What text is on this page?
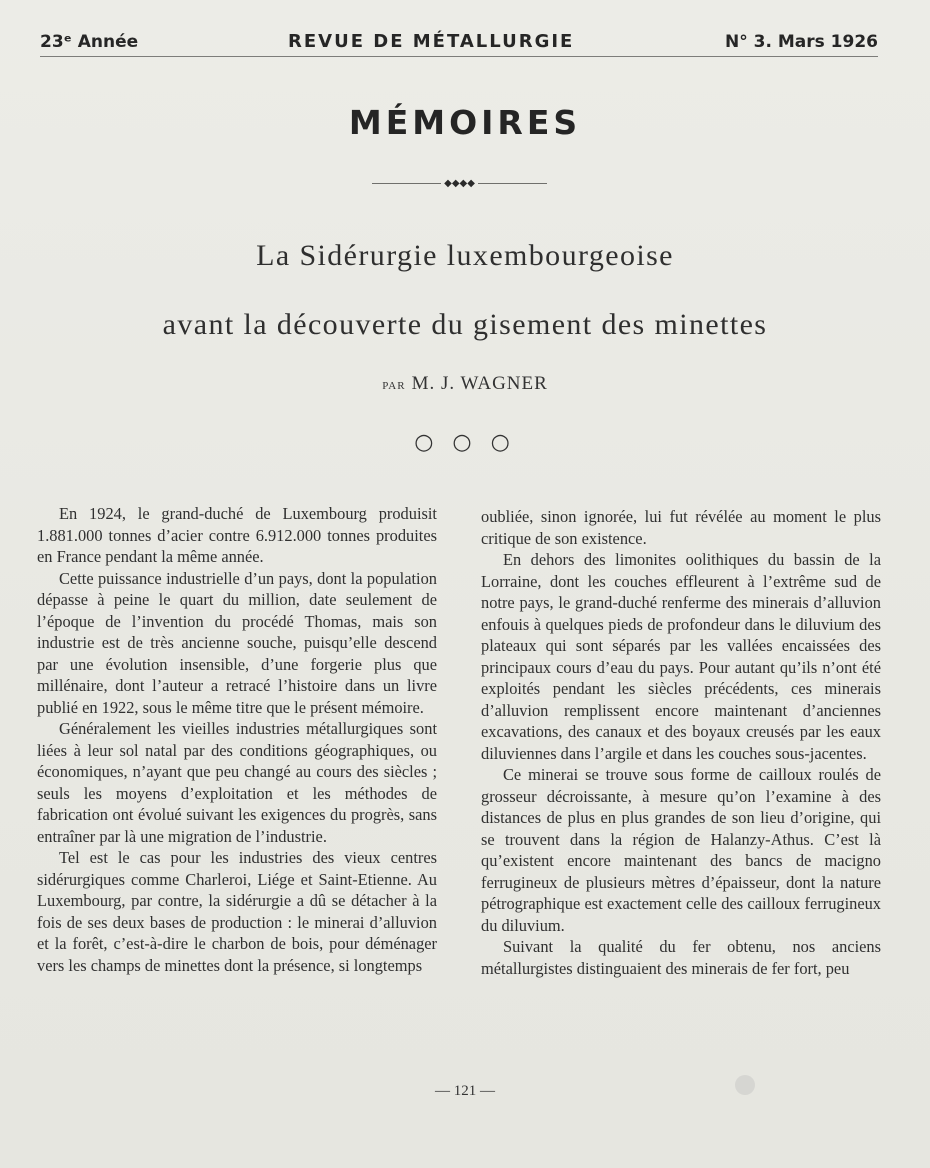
23ᵉ Année	REVUE DE MÉTALLURGIE	N° 3. Mars 1926
MÉMOIRES
◆◆◆◆
La Sidérurgie luxembourgeoise
avant la découverte du gisement des minettes
PAR M. J. WAGNER
○ ○ ○

En 1924, le grand-duché de Luxembourg produisit 1.881.000 tonnes d’acier contre 6.912.000 tonnes produites en France pendant la même année.

Cette puissance industrielle d’un pays, dont la population dépasse à peine le quart du million, date seulement de l’époque de l’invention du procédé Thomas, mais son industrie est de très ancienne souche, puisqu’elle descend par une évolution insensible, d’une forgerie plus que millénaire, dont l’auteur a retracé l’histoire dans un livre publié en 1922, sous le même titre que le présent mémoire.

Généralement les vieilles industries métallurgiques sont liées à leur sol natal par des conditions géographiques, ou économiques, n’ayant que peu changé au cours des siècles ; seuls les moyens d’exploitation et les méthodes de fabrication ont évolué suivant les exigences du progrès, sans entraîner par là une migration de l’industrie.

Tel est le cas pour les industries des vieux centres sidérurgiques comme Charleroi, Liége et Saint-Etienne. Au Luxembourg, par contre, la sidérurgie a dû se détacher à la fois de ses deux bases de production : le minerai d’alluvion et la forêt, c’est-à-dire le charbon de bois, pour déménager vers les champs de minettes dont la présence, si longtemps

oubliée, sinon ignorée, lui fut révélée au moment le plus critique de son existence.

En dehors des limonites oolithiques du bassin de la Lorraine, dont les couches effleurent à l’extrême sud de notre pays, le grand-duché renferme des minerais d’alluvion enfouis à quelques pieds de profondeur dans le diluvium des plateaux qui sont séparés par les vallées encaissées des principaux cours d’eau du pays. Pour autant qu’ils n’ont été exploités pendant les siècles précédents, ces minerais d’alluvion remplissent encore maintenant d’anciennes excavations, des canaux et des boyaux creusés par les eaux diluviennes dans l’argile et dans les couches sous-jacentes.

Ce minerai se trouve sous forme de cailloux roulés de grosseur décroissante, à mesure qu’on l’examine à des distances de plus en plus grandes de son lieu d’origine, qui se trouvent dans la région de Halanzy-Athus. C’est là qu’existent encore maintenant des bancs de macigno ferrugineux de plusieurs mètres d’épaisseur, dont la nature pétrographique est exactement celle des cailloux ferrugineux du diluvium.

Suivant la qualité du fer obtenu, nos anciens métallurgistes distinguaient des minerais de fer fort, peu

— 121 —
